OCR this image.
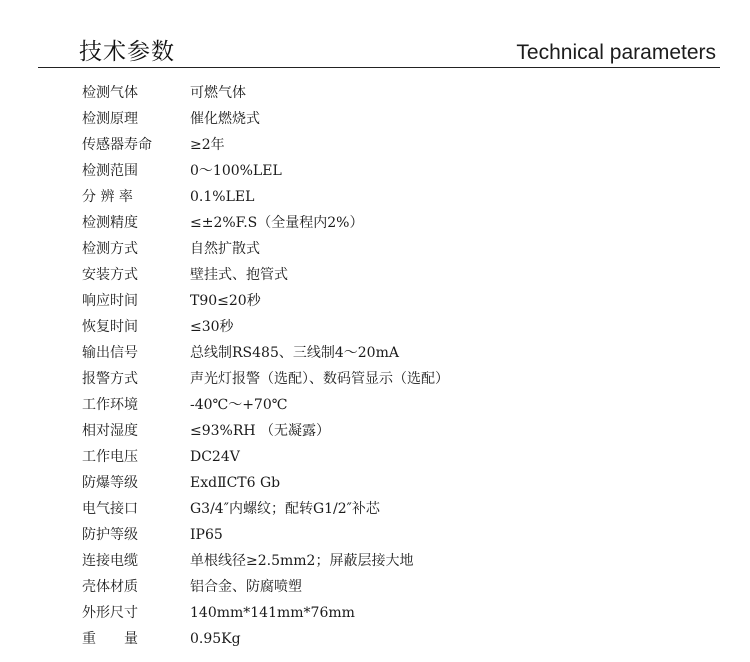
技术参数	Technical parameters
检测气体	可燃气体
检测原理	催化燃烧式
传感器寿命	≥2年
检测范围	0～100%LEL
分 辨 率	0.1%LEL
检测精度	≤±2%F.S（全量程内2%）
检测方式	自然扩散式
安装方式	壁挂式、抱管式
响应时间	T90≤20秒
恢复时间	≤30秒
输出信号	总线制RS485、三线制4～20mA
报警方式	声光灯报警（选配）、数码管显示（选配）
工作环境	-40℃～+70℃
相对湿度	≤93%RH （无凝露）
工作电压	DC24V
防爆等级	ExdⅡCT6 Gb
电气接口	G3/4″内螺纹；配转G1/2″补芯
防护等级	IP65
连接电缆	单根线径≥2.5mm2；屏蔽层接大地
壳体材质	铝合金、防腐喷塑
外形尺寸	140mm*141mm*76mm
重　　量	0.95Kg
